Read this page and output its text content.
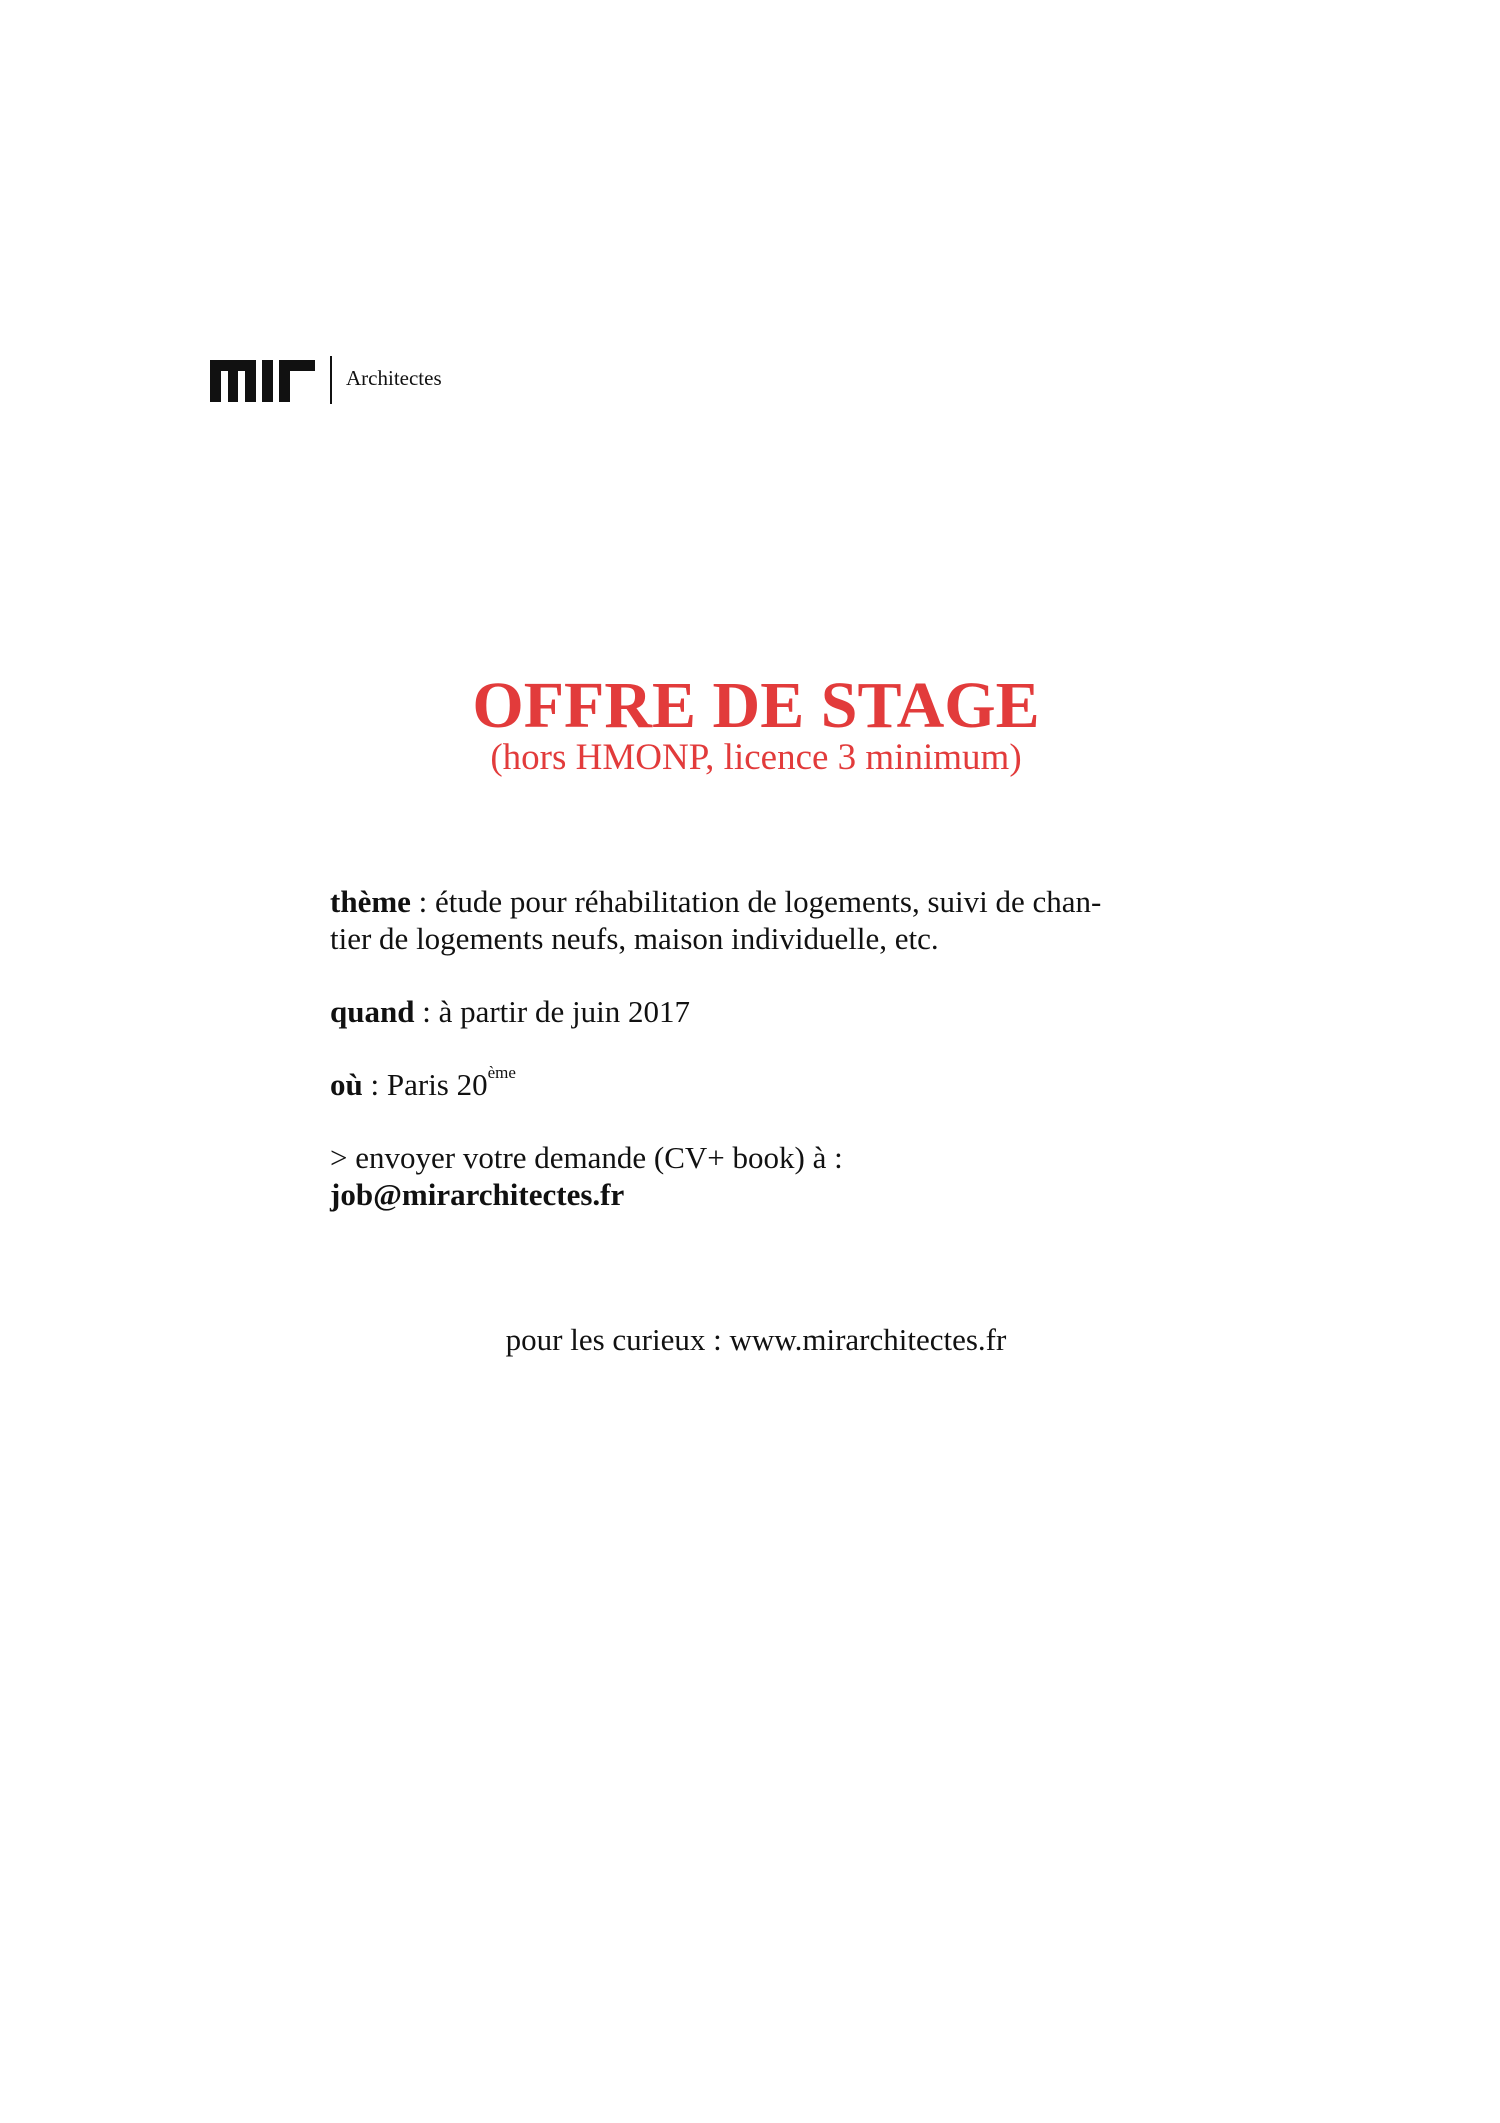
Architectes
OFFRE DE STAGE
(hors HMONP, licence 3 minimum)
thème : étude pour réhabilitation de logements, suivi de chan-
tier de logements neufs, maison individuelle, etc.
quand : à partir de juin 2017
où : Paris 20ème
> envoyer votre demande (CV+ book) à :
job@mirarchitectes.fr
pour les curieux : www.mirarchitectes.fr
